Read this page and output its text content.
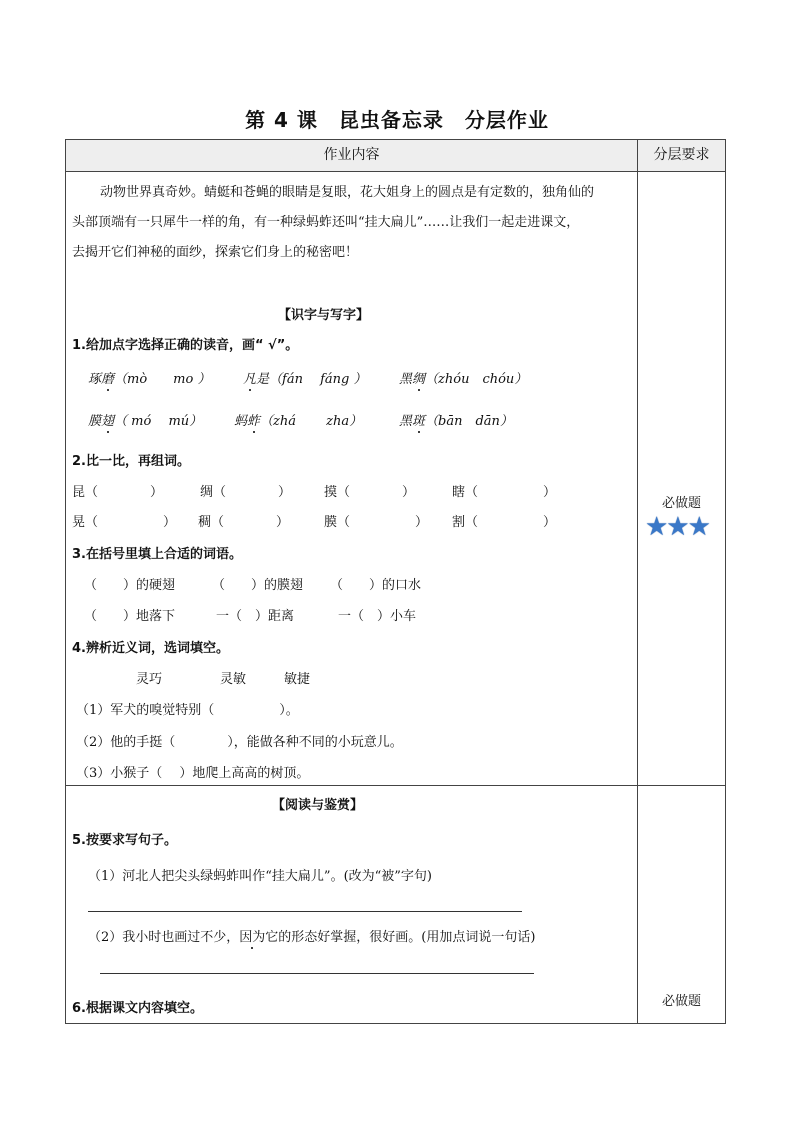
第 4 课　昆虫备忘录　分层作业
作业内容	分层要求
动物世界真奇妙。蜻蜓和苍蝇的眼睛是复眼，花大姐身上的圆点是有定数的，独角仙的
头部顶端有一只犀牛一样的角，有一种绿蚂蚱还叫“挂大扁儿”……让我们一起走进课文，
去揭开它们神秘的面纱，探索它们身上的秘密吧！
【识字与写字】
1.给加点字选择正确的读音，画“ √”。
琢磨（mò　　mo ）	凡是（fán　 fáng ）	黑绸（zhóu　chóu）
膜翅（ mó　 mú） 蚂蚱（zhá　　 zha）	黑斑（bān　dān）
2.比一比，再组词。
昆（　　　　）	绸（　　　　）	摸（　　　　）	瞎（　　　　　）
晃（　　　　　） 稠（　　　　）	膜（　　　　　） 割（　　　　　）
3.在括号里填上合适的词语。
（　　）的硬翅	（　　）的膜翅 （　　）的口水
（　　）地落下	一（　）距离	一（　）小车
4.辨析近义词，选词填空。
灵巧	灵敏	敏捷
（1）军犬的嗅觉特别（　　　　　）。
（2）他的手挺（　　　　），能做各种不同的小玩意儿。
（3）小猴子（　 ）地爬上高高的树顶。
必做题
★★★
【阅读与鉴赏】
5.按要求写句子。
（1）河北人把尖头绿蚂蚱叫作“挂大扁儿”。(改为“被”字句)
（2）我小时也画过不少，因为它的形态好掌握，很好画。(用加点词说一句话)
6.根据课文内容填空。	必做题
